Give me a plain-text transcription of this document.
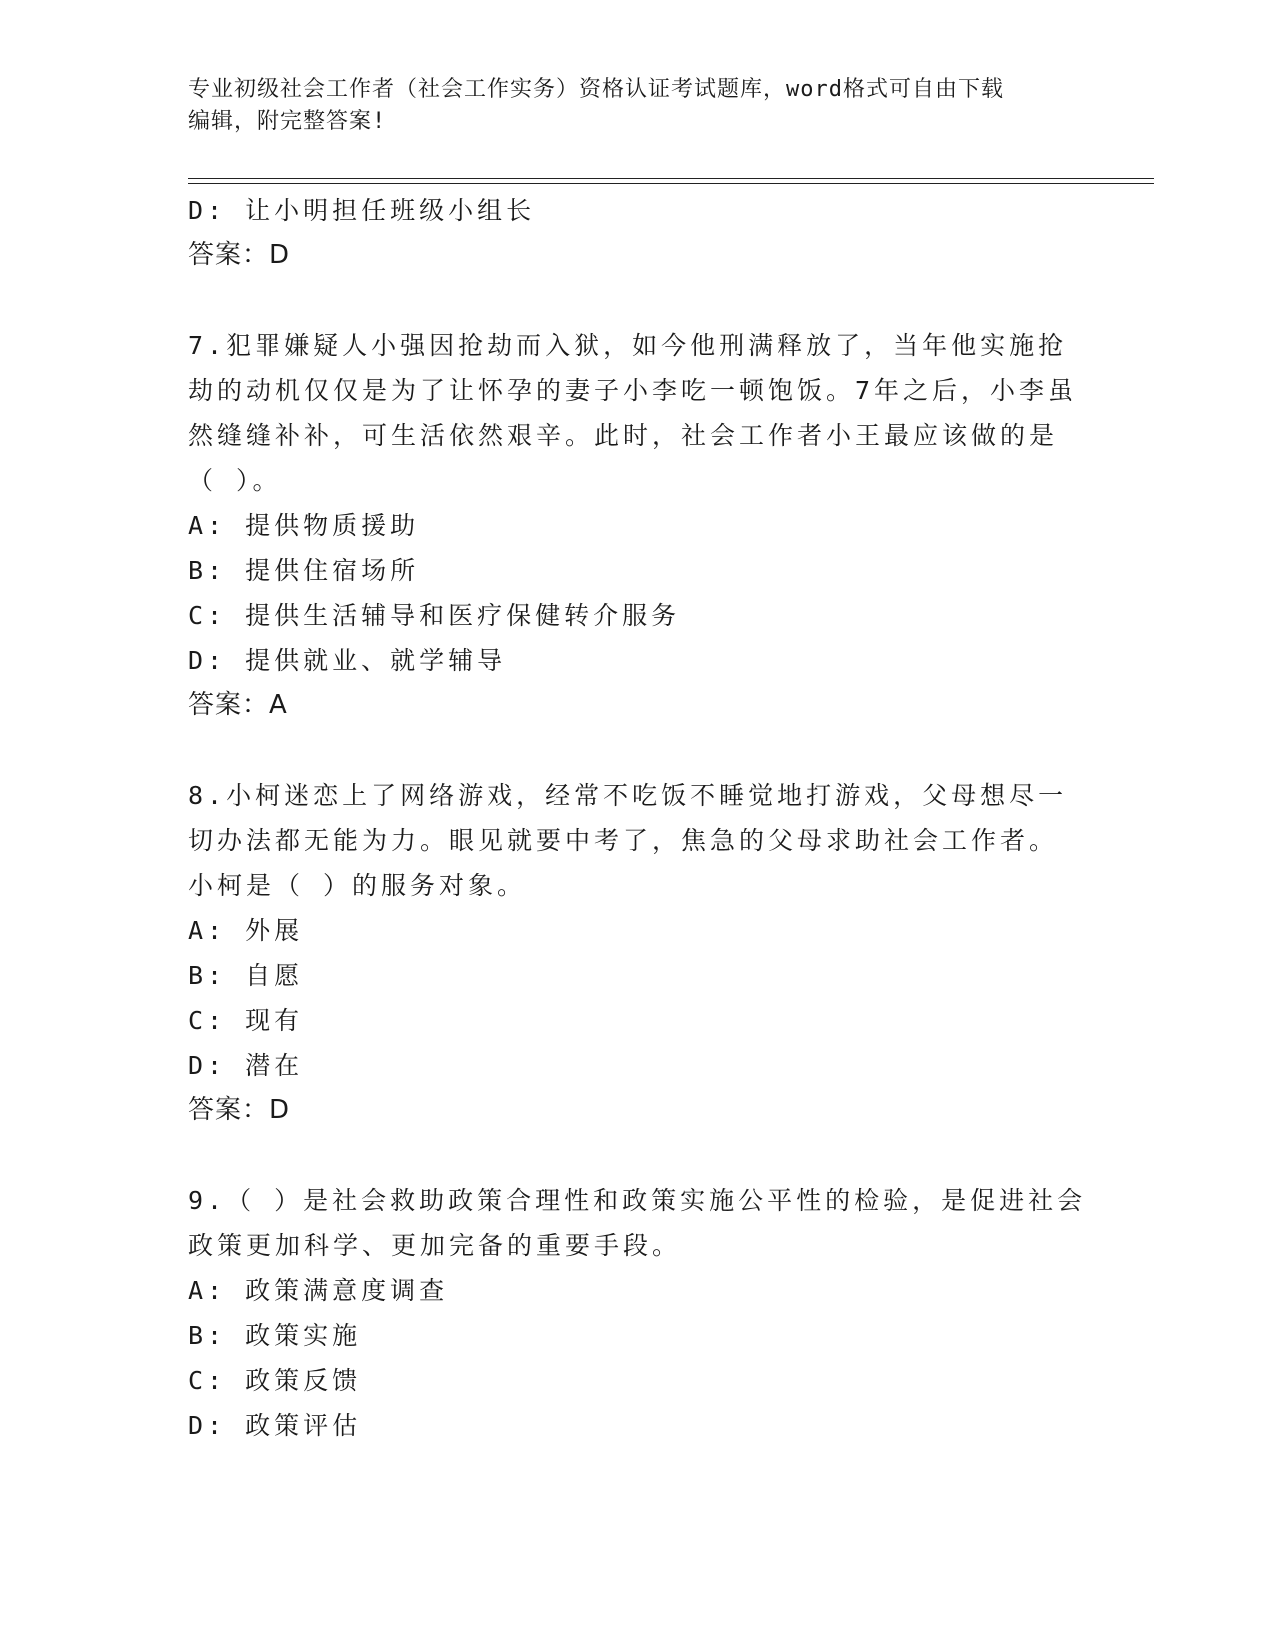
专业初级社会工作者（社会工作实务）资格认证考试题库，word格式可自由下载
编辑，附完整答案!
D: 让小明担任班级小组长
答案：D
7.犯罪嫌疑人小强因抢劫而入狱，如今他刑满释放了，当年他实施抢
劫的动机仅仅是为了让怀孕的妻子小李吃一顿饱饭。7年之后，小李虽
然缝缝补补，可生活依然艰辛。此时，社会工作者小王最应该做的是
（ ）。
A: 提供物质援助
B: 提供住宿场所
C: 提供生活辅导和医疗保健转介服务
D: 提供就业、就学辅导
答案：A
8.小柯迷恋上了网络游戏，经常不吃饭不睡觉地打游戏，父母想尽一
切办法都无能为力。眼见就要中考了，焦急的父母求助社会工作者。
小柯是（ ）的服务对象。
A: 外展
B: 自愿
C: 现有
D: 潜在
答案：D
9.（ ）是社会救助政策合理性和政策实施公平性的检验，是促进社会
政策更加科学、更加完备的重要手段。
A: 政策满意度调查
B: 政策实施
C: 政策反馈
D: 政策评估
